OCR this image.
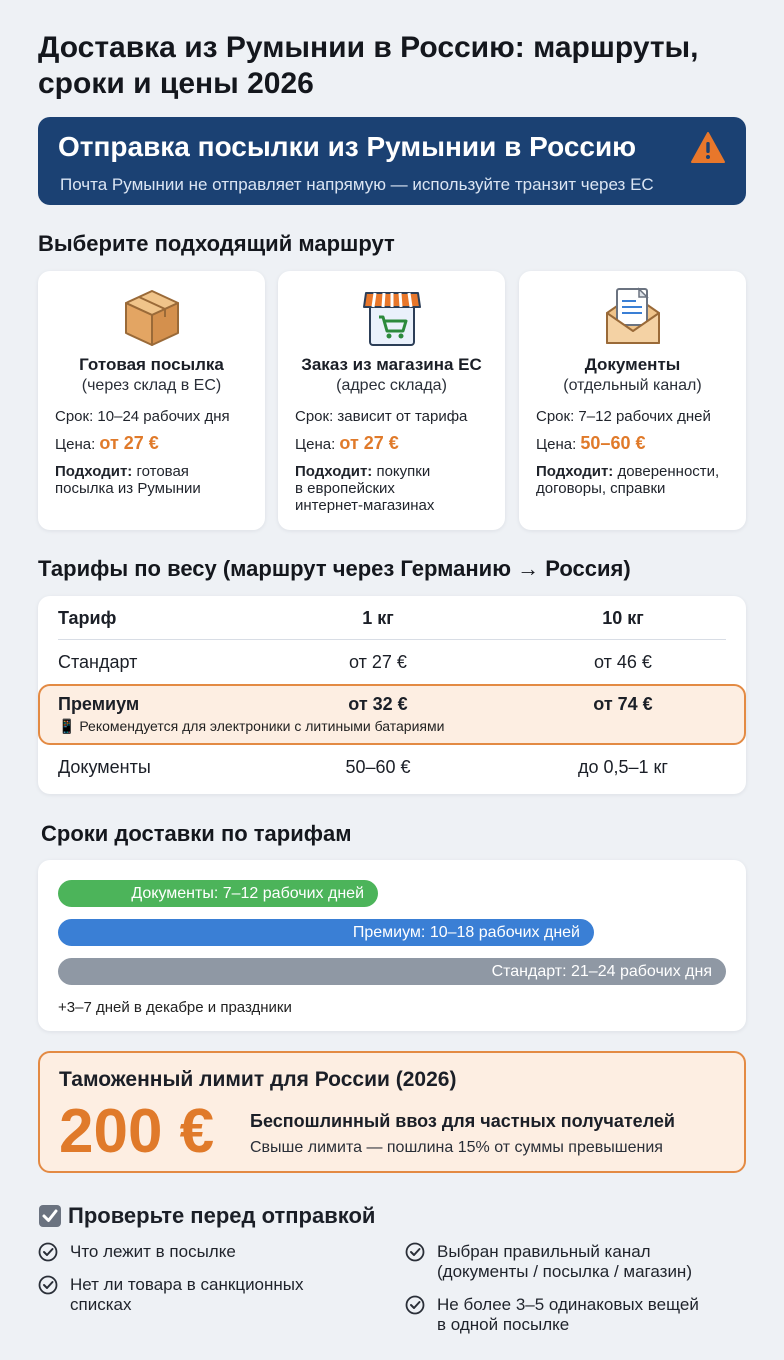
Доставка из Румынии в Россию: маршруты, сроки и цены 2026
Отправка посылки из Румынии в Россию
Почта Румынии не отправляет напрямую — используйте транзит через ЕС
Выберите подходящий маршрут
Готовая посылка
(через склад в ЕС)
Срок: 10–24 рабочих дня
Цена: от 27 €
Подходит: готовая
посылка из Румынии

Заказ из магазина ЕС
(адрес склада)
Срок: зависит от тарифа
Цена: от 27 €
Подходит: покупки
в европейских
интернет-магазинах
Документы
(отдельный канал)
Срок: 7–12 рабочих дней
Цена: 50–60 €
Подходит: доверенности,
договоры, справки

Тарифы по весу (маршрут через Германию → Россия)
Тариф	1 кг	10 кг
Стандарт	от 27 €	от 46 €
Премиум	от 32 €	от 74 €
📱 Рекомендуется для электроники с литиными батариями
Документы	50–60 €	до 0,5–1 кг
Сроки доставки по тарифам
Документы: 7–12 рабочих дней
Премиум: 10–18 рабочих дней
Стандарт: 21–24 рабочих дня
+3–7 дней в декабре и праздники
Таможенный лимит для России (2026)
200 € Беспошлинный ввоз для частных получателей
Свыше лимита — пошлина 15% от суммы превышения
Проверьте перед отправкой
Что лежит в посылке
Нет ли товара в санкционных
списках
Выбран правильный канал
(документы / посылка / магазин)
Не более 3–5 одинаковых вещей
в одной посылке
